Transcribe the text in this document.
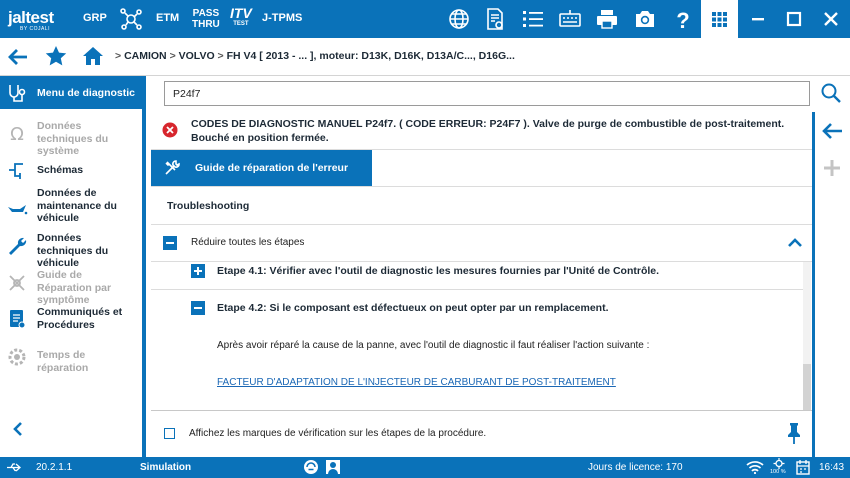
jaltest
BY COJALI
GRP	ETM PASS
THRU
ITV
TEST J-TPMS	?
> CAMION > VOLVO > FH V4 [ 2013 - ... ], moteur: D13K, D16K, D13A/C..., D16G...
Menu de diagnostic
Ω Données techniques du système
Schémas
Données de maintenance du véhicule
Données techniques du véhicule
Guide de Réparation par symptôme
Communiqués et Procédures
Temps de réparation
P24f7
CODES DE DIAGNOSTIC MANUEL P24f7. ( CODE ERREUR: P24F7 ). Valve de purge de combustible de post-traitement. Bouché en position fermée.
Guide de réparation de l'erreur
Troubleshooting
Réduire toutes les étapes
Etape 4.1: Vérifier avec l'outil de diagnostic les mesures fournies par l'Unité de Contrôle.
Etape 4.2: Si le composant est défectueux on peut opter par un remplacement.
Après avoir réparé la cause de la panne, avec l'outil de diagnostic il faut réaliser l'action suivante :
FACTEUR D'ADAPTATION DE L'INJECTEUR DE CARBURANT DE POST-TRAITEMENT
Affichez les marques de vérification sur les étapes de la procédure.
20.2.1.1	Simulation	Jours de licence: 170	100 %	16:43
